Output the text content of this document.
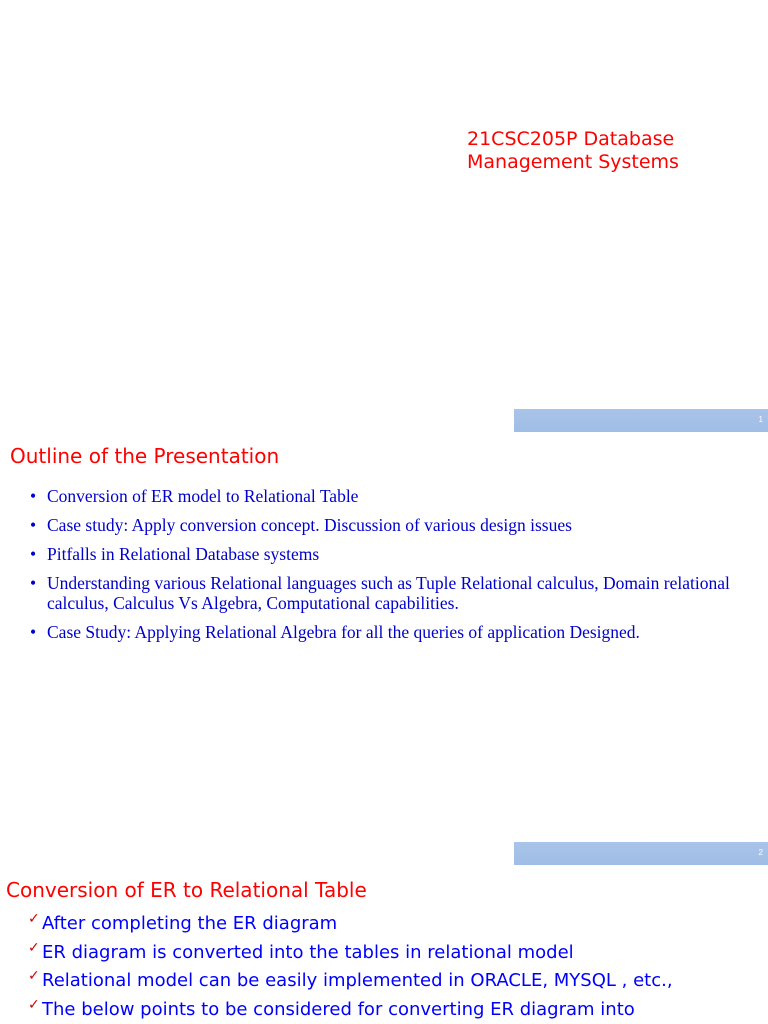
21CSC205P Database
Management Systems
1
Outline of the Presentation
• Conversion of ER model to Relational Table
• Case study: Apply conversion concept. Discussion of various design issues
• Pitfalls in Relational Database systems
• Understanding various Relational languages such as Tuple Relational calculus, Domain relational calculus, Calculus Vs Algebra, Computational capabilities.
• Case Study: Applying Relational Algebra for all the queries of application Designed.
2
Conversion of ER to Relational Table
✓ After completing the ER diagram
✓ ER diagram is converted into the tables in relational model
✓ Relational model can be easily implemented in ORACLE, MYSQL , etc.,
✓ The below points to be considered for converting ER diagram into
